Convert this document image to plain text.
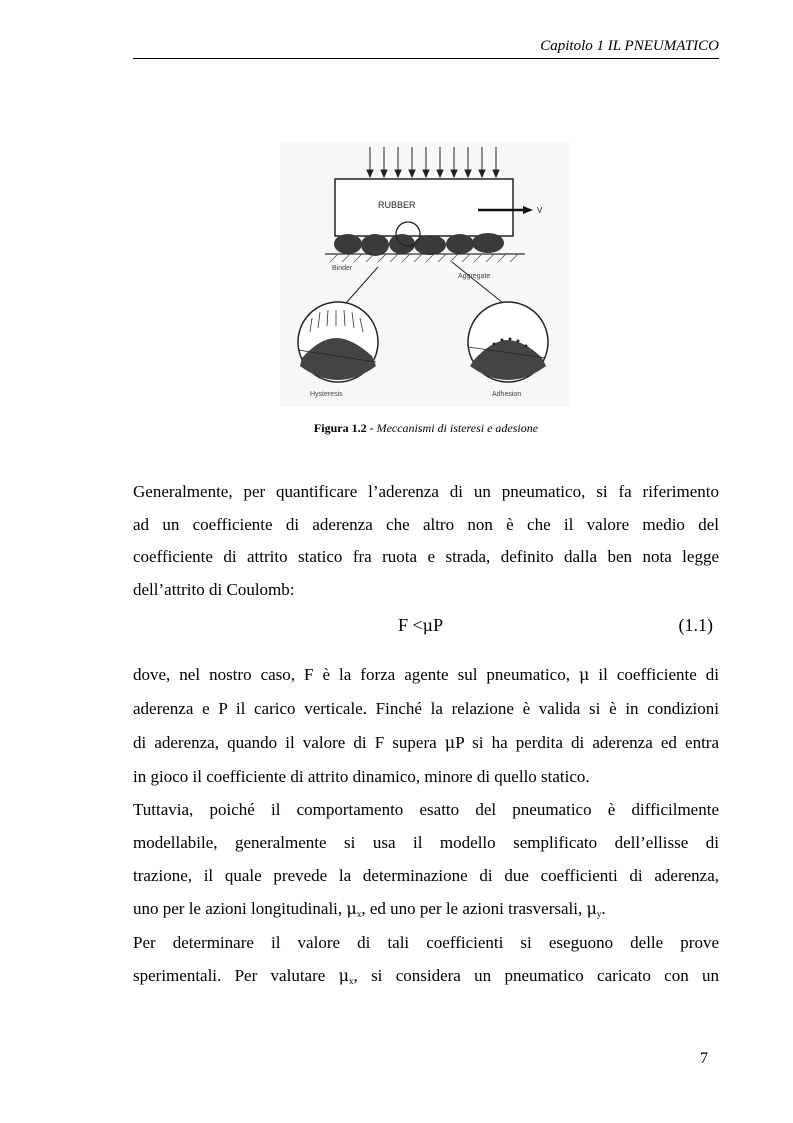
Capitolo 1 IL PNEUMATICO
RUBBER
V
Binder
Aggregate
Hysteresis	Adhesion
Figura 1.2 - Meccanismi di isteresi e adesione
Generalmente, per quantificare l’aderenza di un pneumatico, si fa riferimento
ad un coefficiente di aderenza che altro non è che il valore medio del
coefficiente di attrito statico fra ruota e strada, definito dalla ben nota legge
dell’attrito di Coulomb:
F <μP	(1.1)
dove, nel nostro caso, F è la forza agente sul pneumatico, μ il coefficiente di
aderenza e P il carico verticale. Finché la relazione è valida si è in condizioni
di aderenza, quando il valore di F supera μP si ha perdita di aderenza ed entra
in gioco il coefficiente di attrito dinamico, minore di quello statico.
Tuttavia, poiché il comportamento esatto del pneumatico è difficilmente
modellabile, generalmente si usa il modello semplificato dell’ellisse di
trazione, il quale prevede la determinazione di due coefficienti di aderenza,
uno per le azioni longitudinali, $\mu_x$, ed uno per le azioni trasversali, $\mu_y$.
Per determinare il valore di tali coefficienti si eseguono delle prove
sperimentali. Per valutare $\mu_x$, si considera un pneumatico caricato con un
7
